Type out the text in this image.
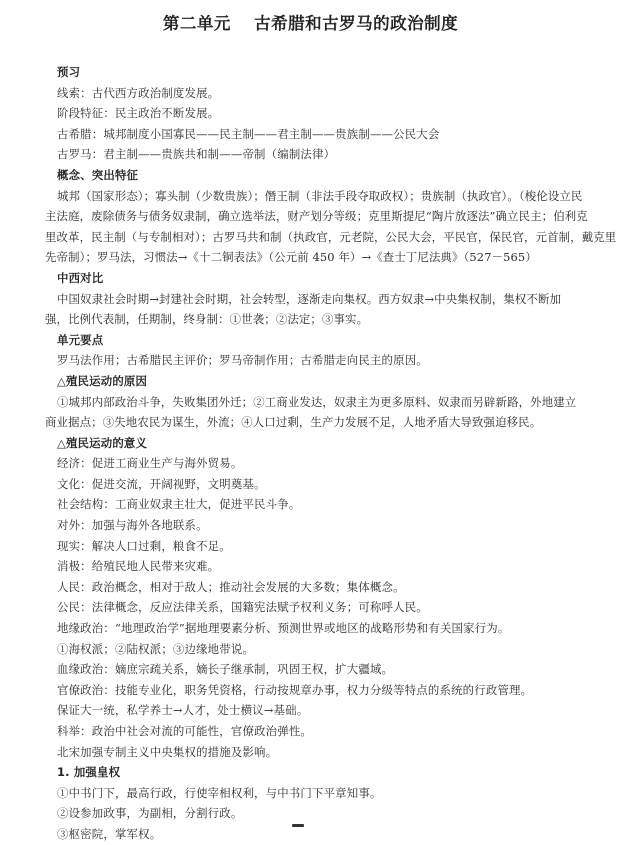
第二单元　 古希腊和古罗马的政治制度
预习
线索：古代西方政治制度发展。
阶段特征：民主政治不断发展。
古希腊：城邦制度小国寡民——民主制——君主制——贵族制——公民大会
古罗马：君主制——贵族共和制——帝制（编制法律）
概念、突出特征
城邦（国家形态）；寡头制（少数贵族）；僭王制（非法手段夺取政权）；贵族制（执政官）。（梭伦设立民
主法庭，废除债务与债务奴隶制，确立选举法，财产划分等级；克里斯提尼“陶片放逐法”确立民主；伯利克
里改革，民主制（与专制相对）；古罗马共和制（执政官，元老院，公民大会，平民官，保民官，元首制，戴克里
先帝制）；罗马法，习惯法→《十二铜表法》（公元前 450 年）→《查士丁尼法典》（527－565）
中西对比
中国奴隶社会时期→封建社会时期，社会转型，逐渐走向集权。西方奴隶→中央集权制，集权不断加
强，比例代表制，任期制，终身制：①世袭；②法定；③事实。
单元要点
罗马法作用；古希腊民主评价；罗马帝制作用；古希腊走向民主的原因。
△殖民运动的原因
①城邦内部政治斗争，失败集团外迁；②工商业发达，奴隶主为更多原料、奴隶而另辟新路，外地建立
商业据点；③失地农民为谋生，外流；④人口过剩，生产力发展不足，人地矛盾大导致强迫移民。
△殖民运动的意义
经济：促进工商业生产与海外贸易。
文化：促进交流，开阔视野，文明奠基。
社会结构：工商业奴隶主壮大，促进平民斗争。
对外：加强与海外各地联系。
现实：解决人口过剩，粮食不足。
消极：给殖民地人民带来灾难。
人民：政治概念，相对于敌人；推动社会发展的大多数；集体概念。
公民：法律概念，反应法律关系，国籍宪法赋予权利义务；可称呼人民。
地缘政治：“地理政治学”据地理要素分析、预测世界或地区的战略形势和有关国家行为。
①海权派；②陆权派；③边缘地带说。
血缘政治：嫡庶宗疏关系，嫡长子继承制，巩固王权，扩大疆域。
官僚政治：技能专业化，职务凭资格，行动按规章办事，权力分级等特点的系统的行政管理。
保证大一统，私学养士→人才，处士横议→基础。
科举：政治中社会对流的可能性，官僚政治弹性。
北宋加强专制主义中央集权的措施及影响。
1. 加强皇权
①中书门下，最高行政，行使宰相权利，与中书门下平章知事。
②设参加政事，为副相，分割行政。
③枢密院，掌军权。
